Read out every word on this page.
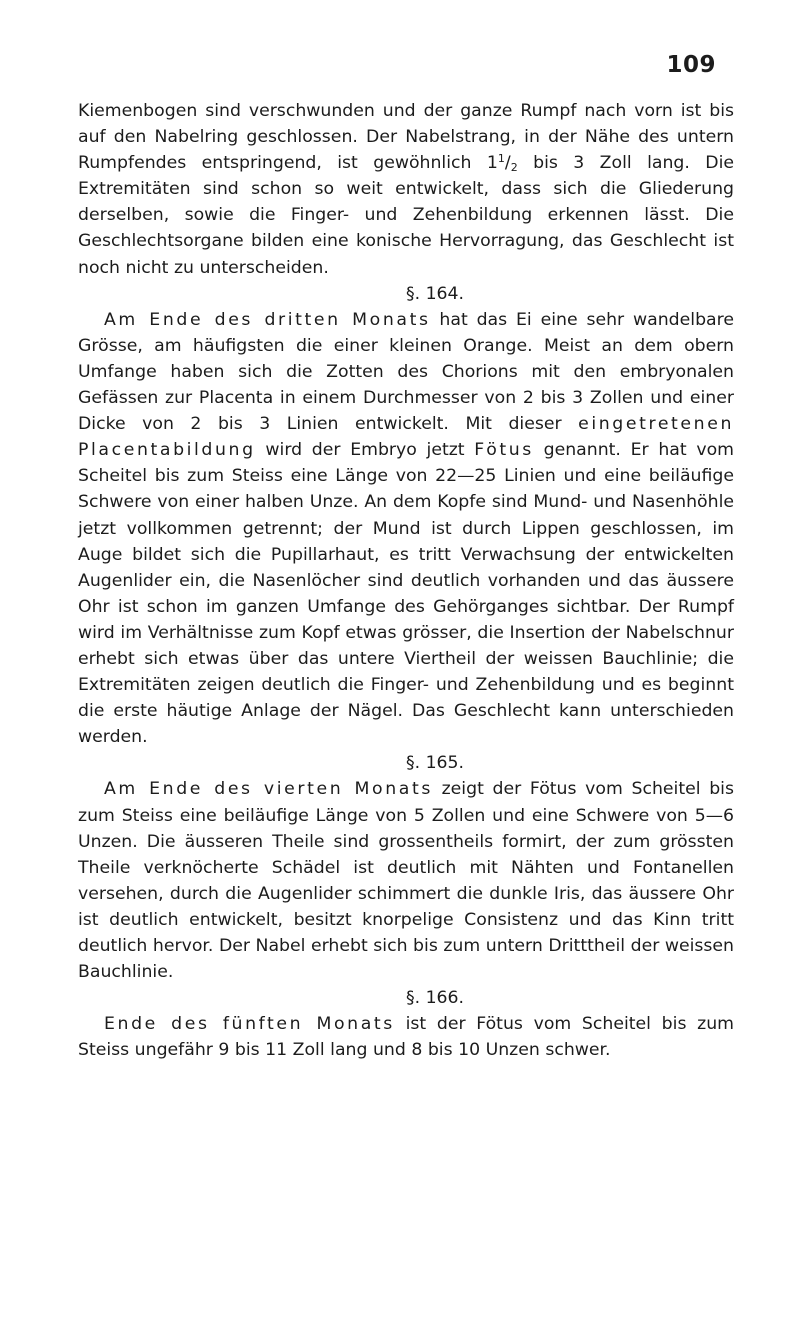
109

Kiemenbogen sind verschwunden und der ganze Rumpf nach vorn ist bis auf den Nabelring geschlossen. Der Nabelstrang, in der Nähe des untern Rumpfendes entspringend, ist gewöhnlich $1^1/_2$ bis 3 Zoll lang. Die Extremitäten sind schon so weit entwickelt, dass sich die Gliederung derselben, sowie die Finger- und Zehenbildung erkennen lässt. Die Geschlechtsorgane bilden eine konische Hervorragung, das Geschlecht ist noch nicht zu unterscheiden.

§. 164.

Am Ende des dritten Monats hat das Ei eine sehr wandelbare Grösse, am häufigsten die einer kleinen Orange. Meist an dem obern Umfange haben sich die Zotten des Chorions mit den embryonalen Gefässen zur Placenta in einem Durchmesser von 2 bis 3 Zollen und einer Dicke von 2 bis 3 Linien entwickelt. Mit dieser eingetretenen Placentabildung wird der Embryo jetzt Fötus genannt. Er hat vom Scheitel bis zum Steiss eine Länge von 22—25 Linien und eine beiläufige Schwere von einer halben Unze. An dem Kopfe sind Mund- und Nasenhöhle jetzt vollkommen getrennt; der Mund ist durch Lippen geschlossen, im Auge bildet sich die Pupillarhaut, es tritt Verwachsung der entwickelten Augenlider ein, die Nasenlöcher sind deutlich vorhanden und das äussere Ohr ist schon im ganzen Umfange des Gehörganges sichtbar. Der Rumpf wird im Verhältnisse zum Kopf etwas grösser, die Insertion der Nabelschnur erhebt sich etwas über das untere Viertheil der weissen Bauchlinie; die Extremitäten zeigen deutlich die Finger- und Zehenbildung und es beginnt die erste häutige Anlage der Nägel. Das Geschlecht kann unterschieden werden.

§. 165.

Am Ende des vierten Monats zeigt der Fötus vom Scheitel bis zum Steiss eine beiläufige Länge von 5 Zollen und eine Schwere von 5—6 Unzen. Die äusseren Theile sind grossentheils formirt, der zum grössten Theile verknöcherte Schädel ist deutlich mit Nähten und Fontanellen versehen, durch die Augenlider schimmert die dunkle Iris, das äussere Ohr ist deutlich entwickelt, besitzt knorpelige Consistenz und das Kinn tritt deutlich hervor. Der Nabel erhebt sich bis zum untern Dritttheil der weissen Bauchlinie.

§. 166.

Ende des fünften Monats ist der Fötus vom Scheitel bis zum Steiss ungefähr 9 bis 11 Zoll lang und 8 bis 10 Unzen schwer.
